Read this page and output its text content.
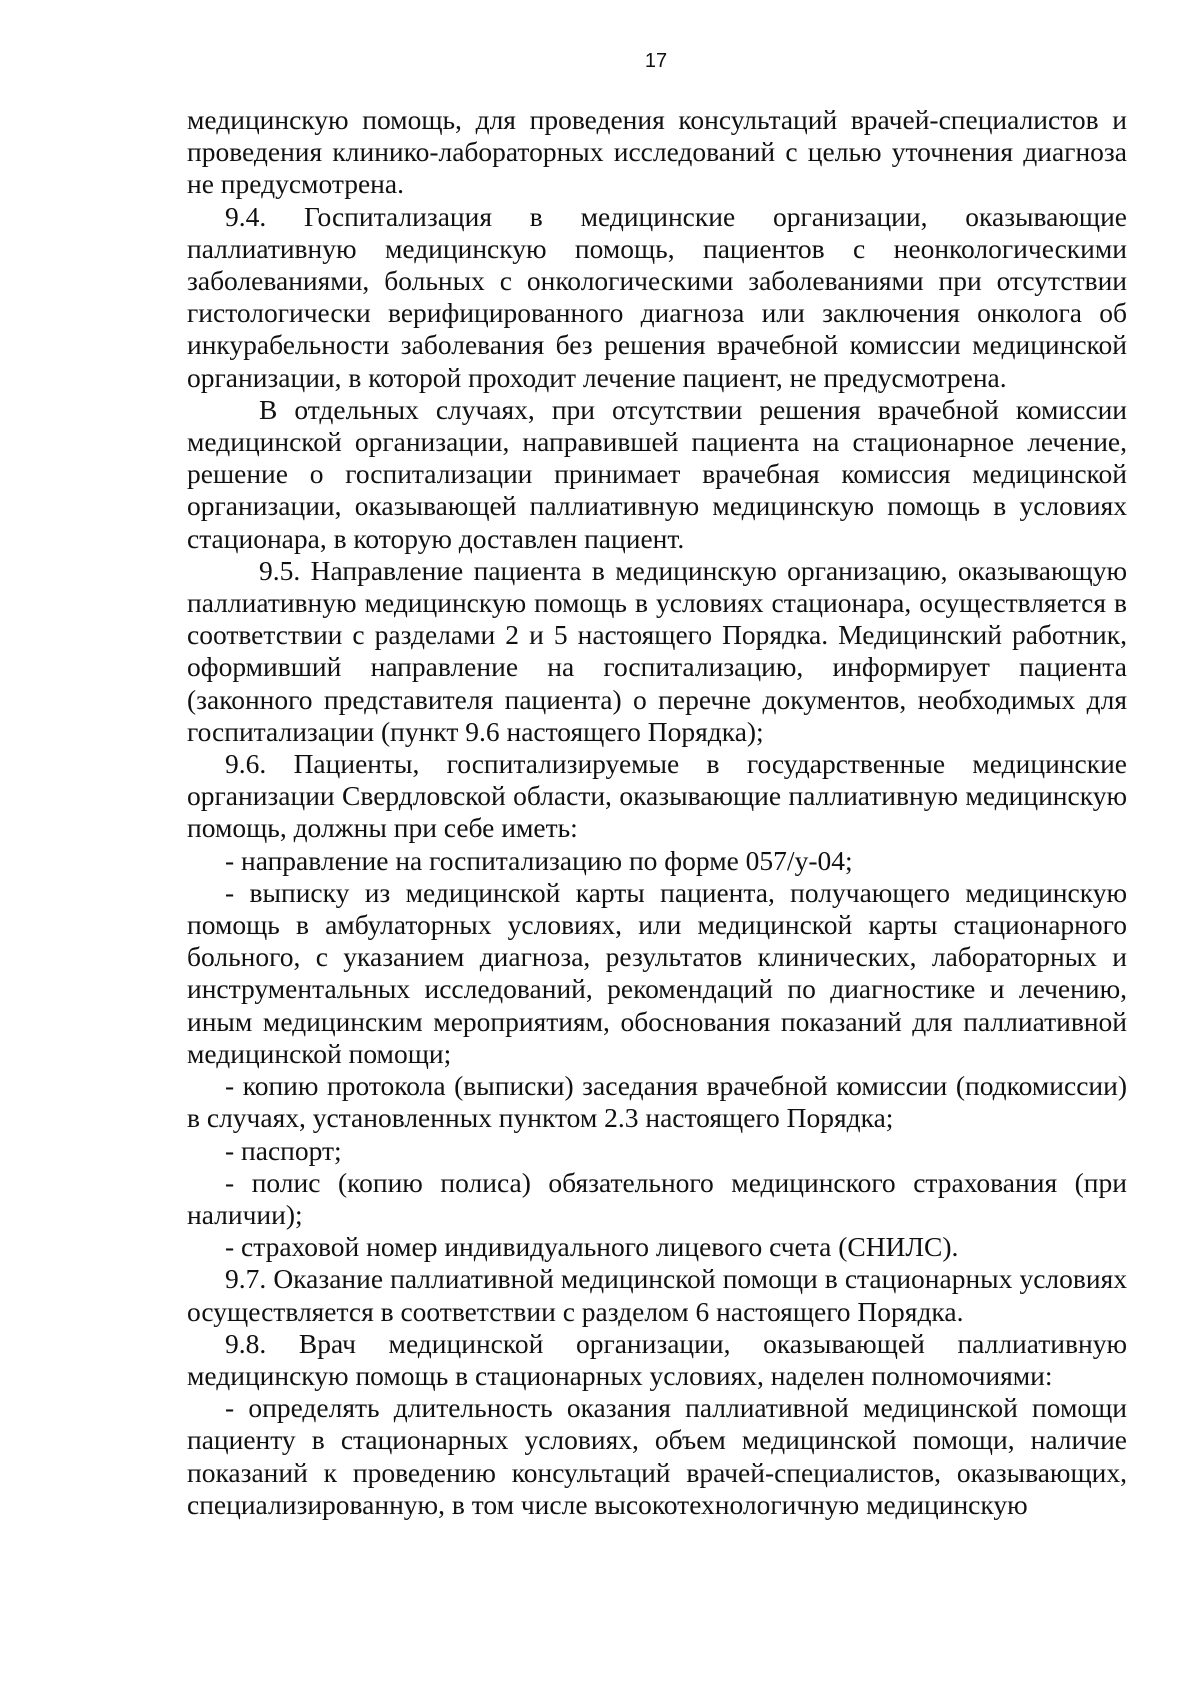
17

медицинскую помощь, для проведения консультаций врачей-специалистов и проведения клинико-лабораторных исследований с целью уточнения диагноза не предусмотрена.

9.4. Госпитализация в медицинские организации, оказывающие паллиативную медицинскую помощь, пациентов с неонкологическими заболеваниями, больных с онкологическими заболеваниями при отсутствии гистологически верифицированного диагноза или заключения онколога об инкурабельности заболевания без решения врачебной комиссии медицинской организации, в которой проходит лечение пациент, не предусмотрена.

В отдельных случаях, при отсутствии решения врачебной комиссии медицинской организации, направившей пациента на стационарное лечение, решение о госпитализации принимает врачебная комиссия медицинской организации, оказывающей паллиативную медицинскую помощь в условиях стационара, в которую доставлен пациент.

9.5. Направление пациента в медицинскую организацию, оказывающую паллиативную медицинскую помощь в условиях стационара, осуществляется в соответствии с разделами 2 и 5 настоящего Порядка. Медицинский работник, оформивший направление на госпитализацию, информирует пациента (законного представителя пациента) о перечне документов, необходимых для госпитализации (пункт 9.6 настоящего Порядка);

9.6. Пациенты, госпитализируемые в государственные медицинские организации Свердловской области, оказывающие паллиативную медицинскую помощь, должны при себе иметь:

- направление на госпитализацию по форме 057/у-04;

- выписку из медицинской карты пациента, получающего медицинскую помощь в амбулаторных условиях, или медицинской карты стационарного больного, с указанием диагноза, результатов клинических, лабораторных и инструментальных исследований, рекомендаций по диагностике и лечению, иным медицинским мероприятиям, обоснования показаний для паллиативной медицинской помощи;

- копию протокола (выписки) заседания врачебной комиссии (подкомиссии) в случаях, установленных пунктом 2.3 настоящего Порядка;

- паспорт;

- полис (копию полиса) обязательного медицинского страхования (при наличии);

- страховой номер индивидуального лицевого счета (СНИЛС).

9.7. Оказание паллиативной медицинской помощи в стационарных условиях осуществляется в соответствии с разделом 6 настоящего Порядка.

9.8. Врач медицинской организации, оказывающей паллиативную медицинскую помощь в стационарных условиях, наделен полномочиями:

- определять длительность оказания паллиативной медицинской помощи пациенту в стационарных условиях, объем медицинской помощи, наличие показаний к проведению консультаций врачей-специалистов, оказывающих, специализированную, в том числе высокотехнологичную медицинскую
